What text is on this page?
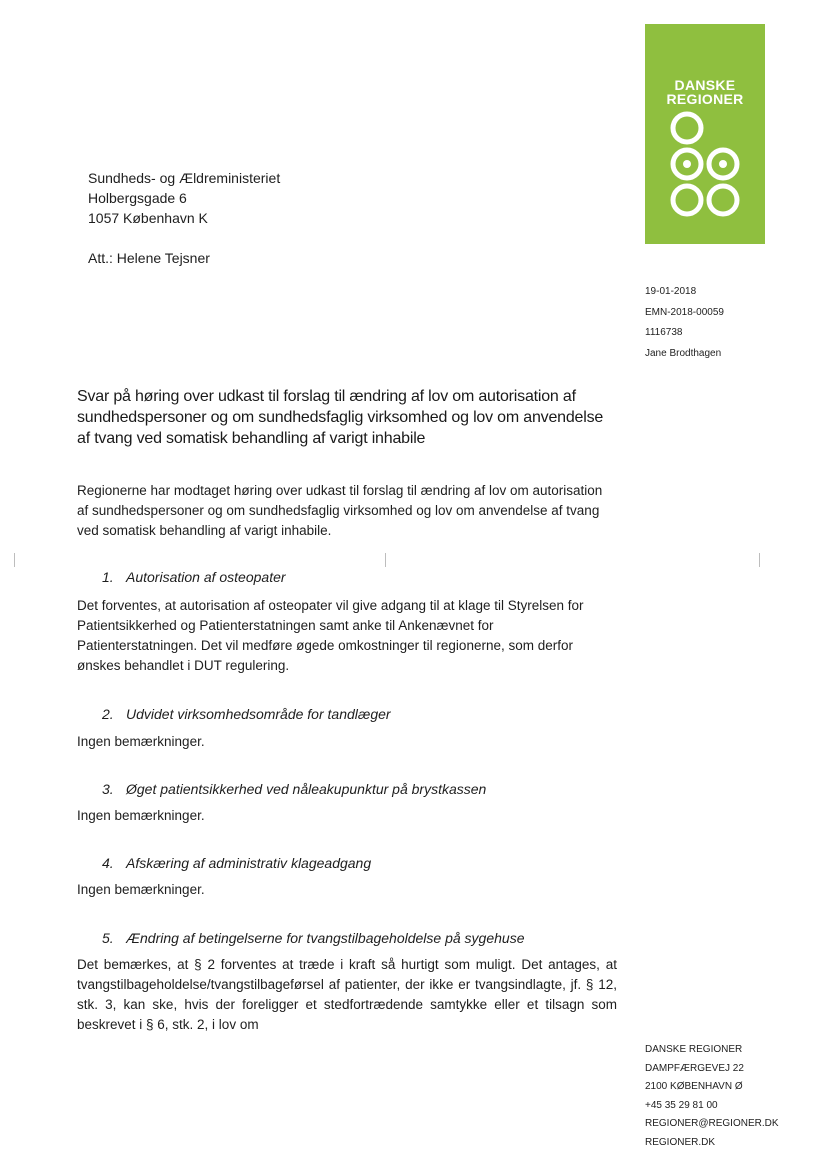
DANSKE
REGIONER
Sundheds- og Ældreministeriet
Holbergsgade 6
1057 København K
Att.: Helene Tejsner
19-01-2018
EMN-2018-00059
1116738
Jane Brodthagen
Svar på høring over udkast til forslag til ændring af lov om autorisation af sundhedspersoner og om sundhedsfaglig virksomhed og lov om anvendelse af tvang ved somatisk behandling af varigt inhabile
Regionerne har modtaget høring over udkast til forslag til ændring af lov om autorisation af sundhedspersoner og om sundhedsfaglig virksomhed og lov om anvendelse af tvang ved somatisk behandling af varigt inhabile.
1. Autorisation af osteopater
Det forventes, at autorisation af osteopater vil give adgang til at klage til Styrelsen for Patientsikkerhed og Patienterstatningen samt anke til Ankenævnet for Patienterstatningen. Det vil medføre øgede omkostninger til regionerne, som derfor ønskes behandlet i DUT regulering.
2. Udvidet virksomhedsområde for tandlæger
Ingen bemærkninger.
3. Øget patientsikkerhed ved nåleakupunktur på brystkassen
Ingen bemærkninger.
4. Afskæring af administrativ klageadgang
Ingen bemærkninger.
5. Ændring af betingelserne for tvangstilbageholdelse på sygehuse
Det bemærkes, at § 2 forventes at træde i kraft så hurtigt som muligt. Det antages, at tvangstilbageholdelse/tvangstilbageførsel af patienter, der ikke er tvangsindlagte, jf. § 12, stk. 3, kan ske, hvis der foreligger et stedfortrædende samtykke eller et tilsagn som beskrevet i § 6, stk. 2, i lov om
DANSKE REGIONER
DAMPFÆRGEVEJ 22
2100 KØBENHAVN Ø
+45 35 29 81 00
REGIONER@REGIONER.DK
REGIONER.DK
